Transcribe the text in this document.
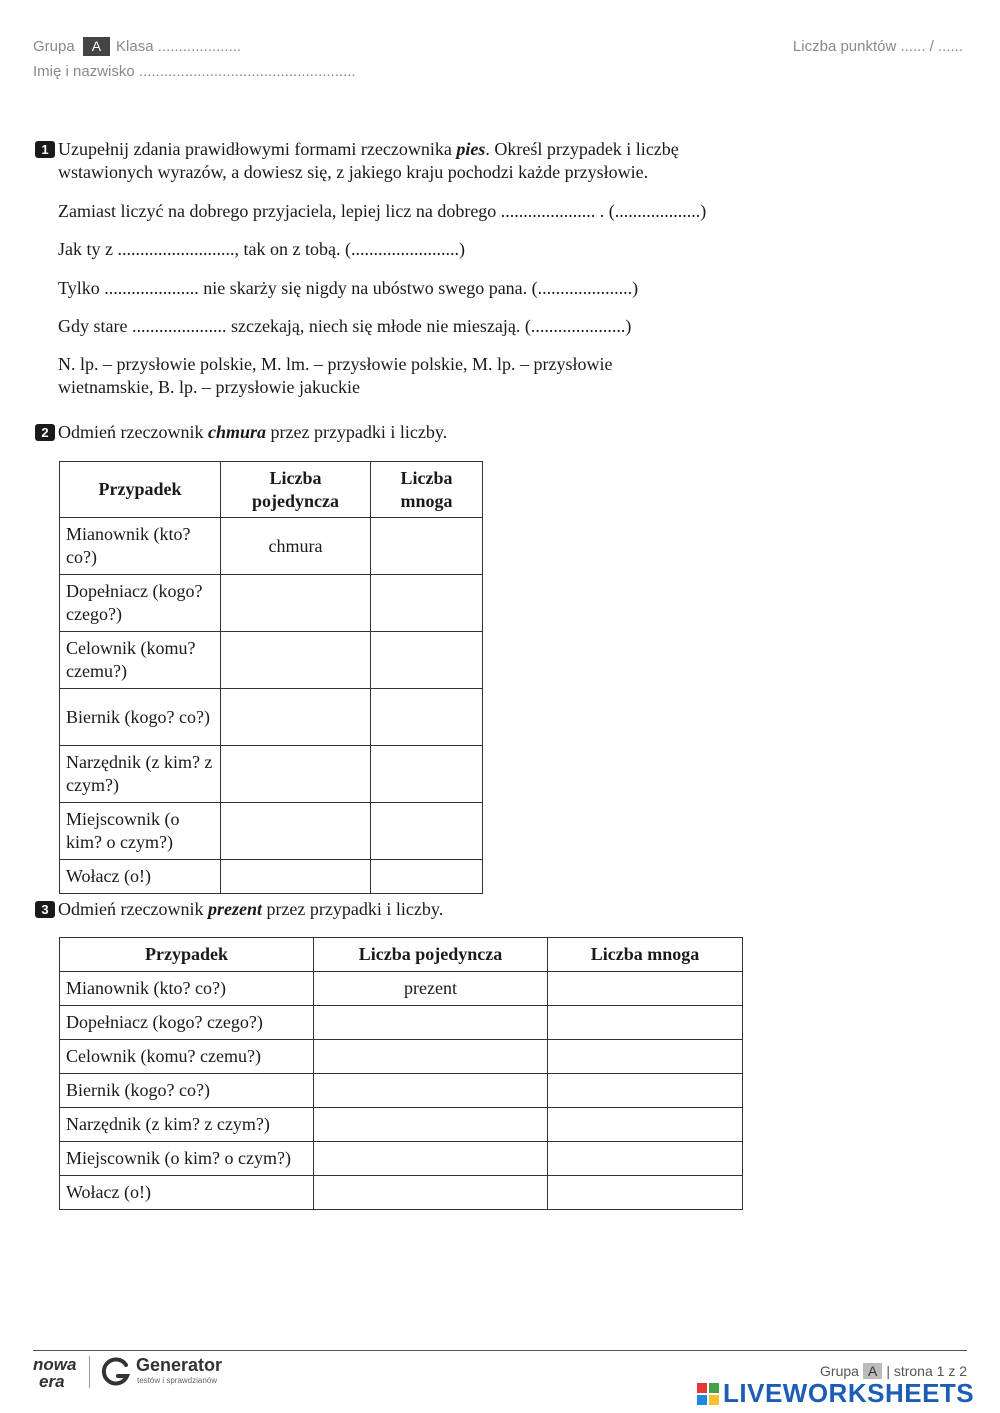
Grupa A Klasa ....................	Liczba punktów ...... / ......
Imię i nazwisko ....................................................
1 Uzupełnij zdania prawidłowymi formami rzeczownika pies. Określ przypadek i liczbę
wstawionych wyrazów, a dowiesz się, z jakiego kraju pochodzi każde przysłowie.
Zamiast liczyć na dobrego przyjaciela, lepiej licz na dobrego ..................... . (...................)
Jak ty z .........................., tak on z tobą. (........................)
Tylko ..................... nie skarży się nigdy na ubóstwo swego pana. (.....................)
Gdy stare ..................... szczekają, niech się młode nie mieszają. (.....................)
N. lp. – przysłowie polskie, M. lm. – przysłowie polskie, M. lp. – przysłowie
wietnamskie, B. lp. – przysłowie jakuckie
2 Odmień rzeczownik chmura przez przypadki i liczby.
Przypadek	Liczba pojedyncza	Liczba mnoga
Mianownik (kto? co?)	chmura	
Dopełniacz (kogo? czego?)		
Celownik (komu? czemu?)		
Biernik (kogo? co?)		
Narzędnik (z kim? z czym?)		
Miejscownik (o kim? o czym?)		
Wołacz (o!)		
3 Odmień rzeczownik prezent przez przypadki i liczby.
Przypadek	Liczba pojedyncza	Liczba mnoga
Mianownik (kto? co?)	prezent	
Dopełniacz (kogo? czego?)		
Celownik (komu? czemu?)		
Biernik (kogo? co?)		
Narzędnik (z kim? z czym?)		
Miejscownik (o kim? o czym?)		
Wołacz (o!)		
nowa
era
Generator
testów i sprawdzianów
Grupa A | strona 1 z 2
LIVEWORKSHEETS
